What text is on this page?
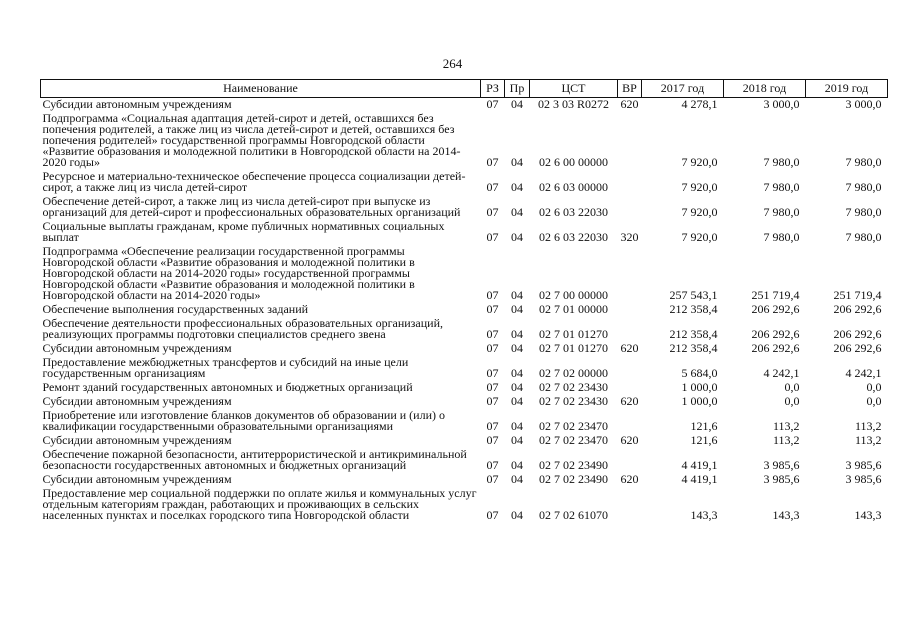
264
Наименование	РЗ	Пр	ЦСТ	ВР	2017 год	2018 год	2019 год
Субсидии автономным учреждениям	07	04	02 3 03 R0272	620	4 278,1	3 000,0	3 000,0
Подпрограмма «Социальная адаптация детей-сирот и детей, оставшихся без попечения родителей, а также лиц из числа детей-сирот и детей, оставшихся без попечения родителей» государственной программы Новгородской области «Развитие образования и молодежной политики в Новгородской области на 2014-2020 годы»	07	04	02 6 00 00000		7 920,0	7 980,0	7 980,0
Ресурсное и материально-техническое обеспечение процесса социализации детей-сирот, а также лиц из числа детей-сирот	07	04	02 6 03 00000		7 920,0	7 980,0	7 980,0
Обеспечение детей-сирот, а также лиц из числа детей-сирот при выпуске из организаций для детей-сирот и профессиональных образовательных организаций	07	04	02 6 03 22030		7 920,0	7 980,0	7 980,0
Социальные выплаты гражданам, кроме публичных нормативных социальных выплат	07	04	02 6 03 22030	320	7 920,0	7 980,0	7 980,0
Подпрограмма «Обеспечение реализации государственной программы Новгородской области «Развитие образования и молодежной политики в Новгородской области на 2014-2020 годы» государственной программы Новгородской области «Развитие образования и молодежной политики в Новгородской области на 2014-2020 годы»	07	04	02 7 00 00000		257 543,1	251 719,4	251 719,4
Обеспечение выполнения государственных заданий	07	04	02 7 01 00000		212 358,4	206 292,6	206 292,6
Обеспечение деятельности профессиональных образовательных организаций, реализующих программы подготовки специалистов среднего звена	07	04	02 7 01 01270		212 358,4	206 292,6	206 292,6
Субсидии автономным учреждениям	07	04	02 7 01 01270	620	212 358,4	206 292,6	206 292,6
Предоставление межбюджетных трансфертов и субсидий на иные цели государственным организациям	07	04	02 7 02 00000		5 684,0	4 242,1	4 242,1
Ремонт зданий государственных автономных и бюджетных организаций	07	04	02 7 02 23430		1 000,0	0,0	0,0
Субсидии автономным учреждениям	07	04	02 7 02 23430	620	1 000,0	0,0	0,0
Приобретение или изготовление бланков документов об образовании и (или) о квалификации государственными образовательными организациями	07	04	02 7 02 23470		121,6	113,2	113,2
Субсидии автономным учреждениям	07	04	02 7 02 23470	620	121,6	113,2	113,2
Обеспечение пожарной безопасности, антитеррористической и антикриминальной безопасности государственных автономных и бюджетных организаций	07	04	02 7 02 23490		4 419,1	3 985,6	3 985,6
Субсидии автономным учреждениям	07	04	02 7 02 23490	620	4 419,1	3 985,6	3 985,6
Предоставление мер социальной поддержки по оплате жилья и коммунальных услуг отдельным категориям граждан, работающих и проживающих в сельских населенных пунктах и поселках городского типа Новгородской области	07	04	02 7 02 61070		143,3	143,3	143,3
